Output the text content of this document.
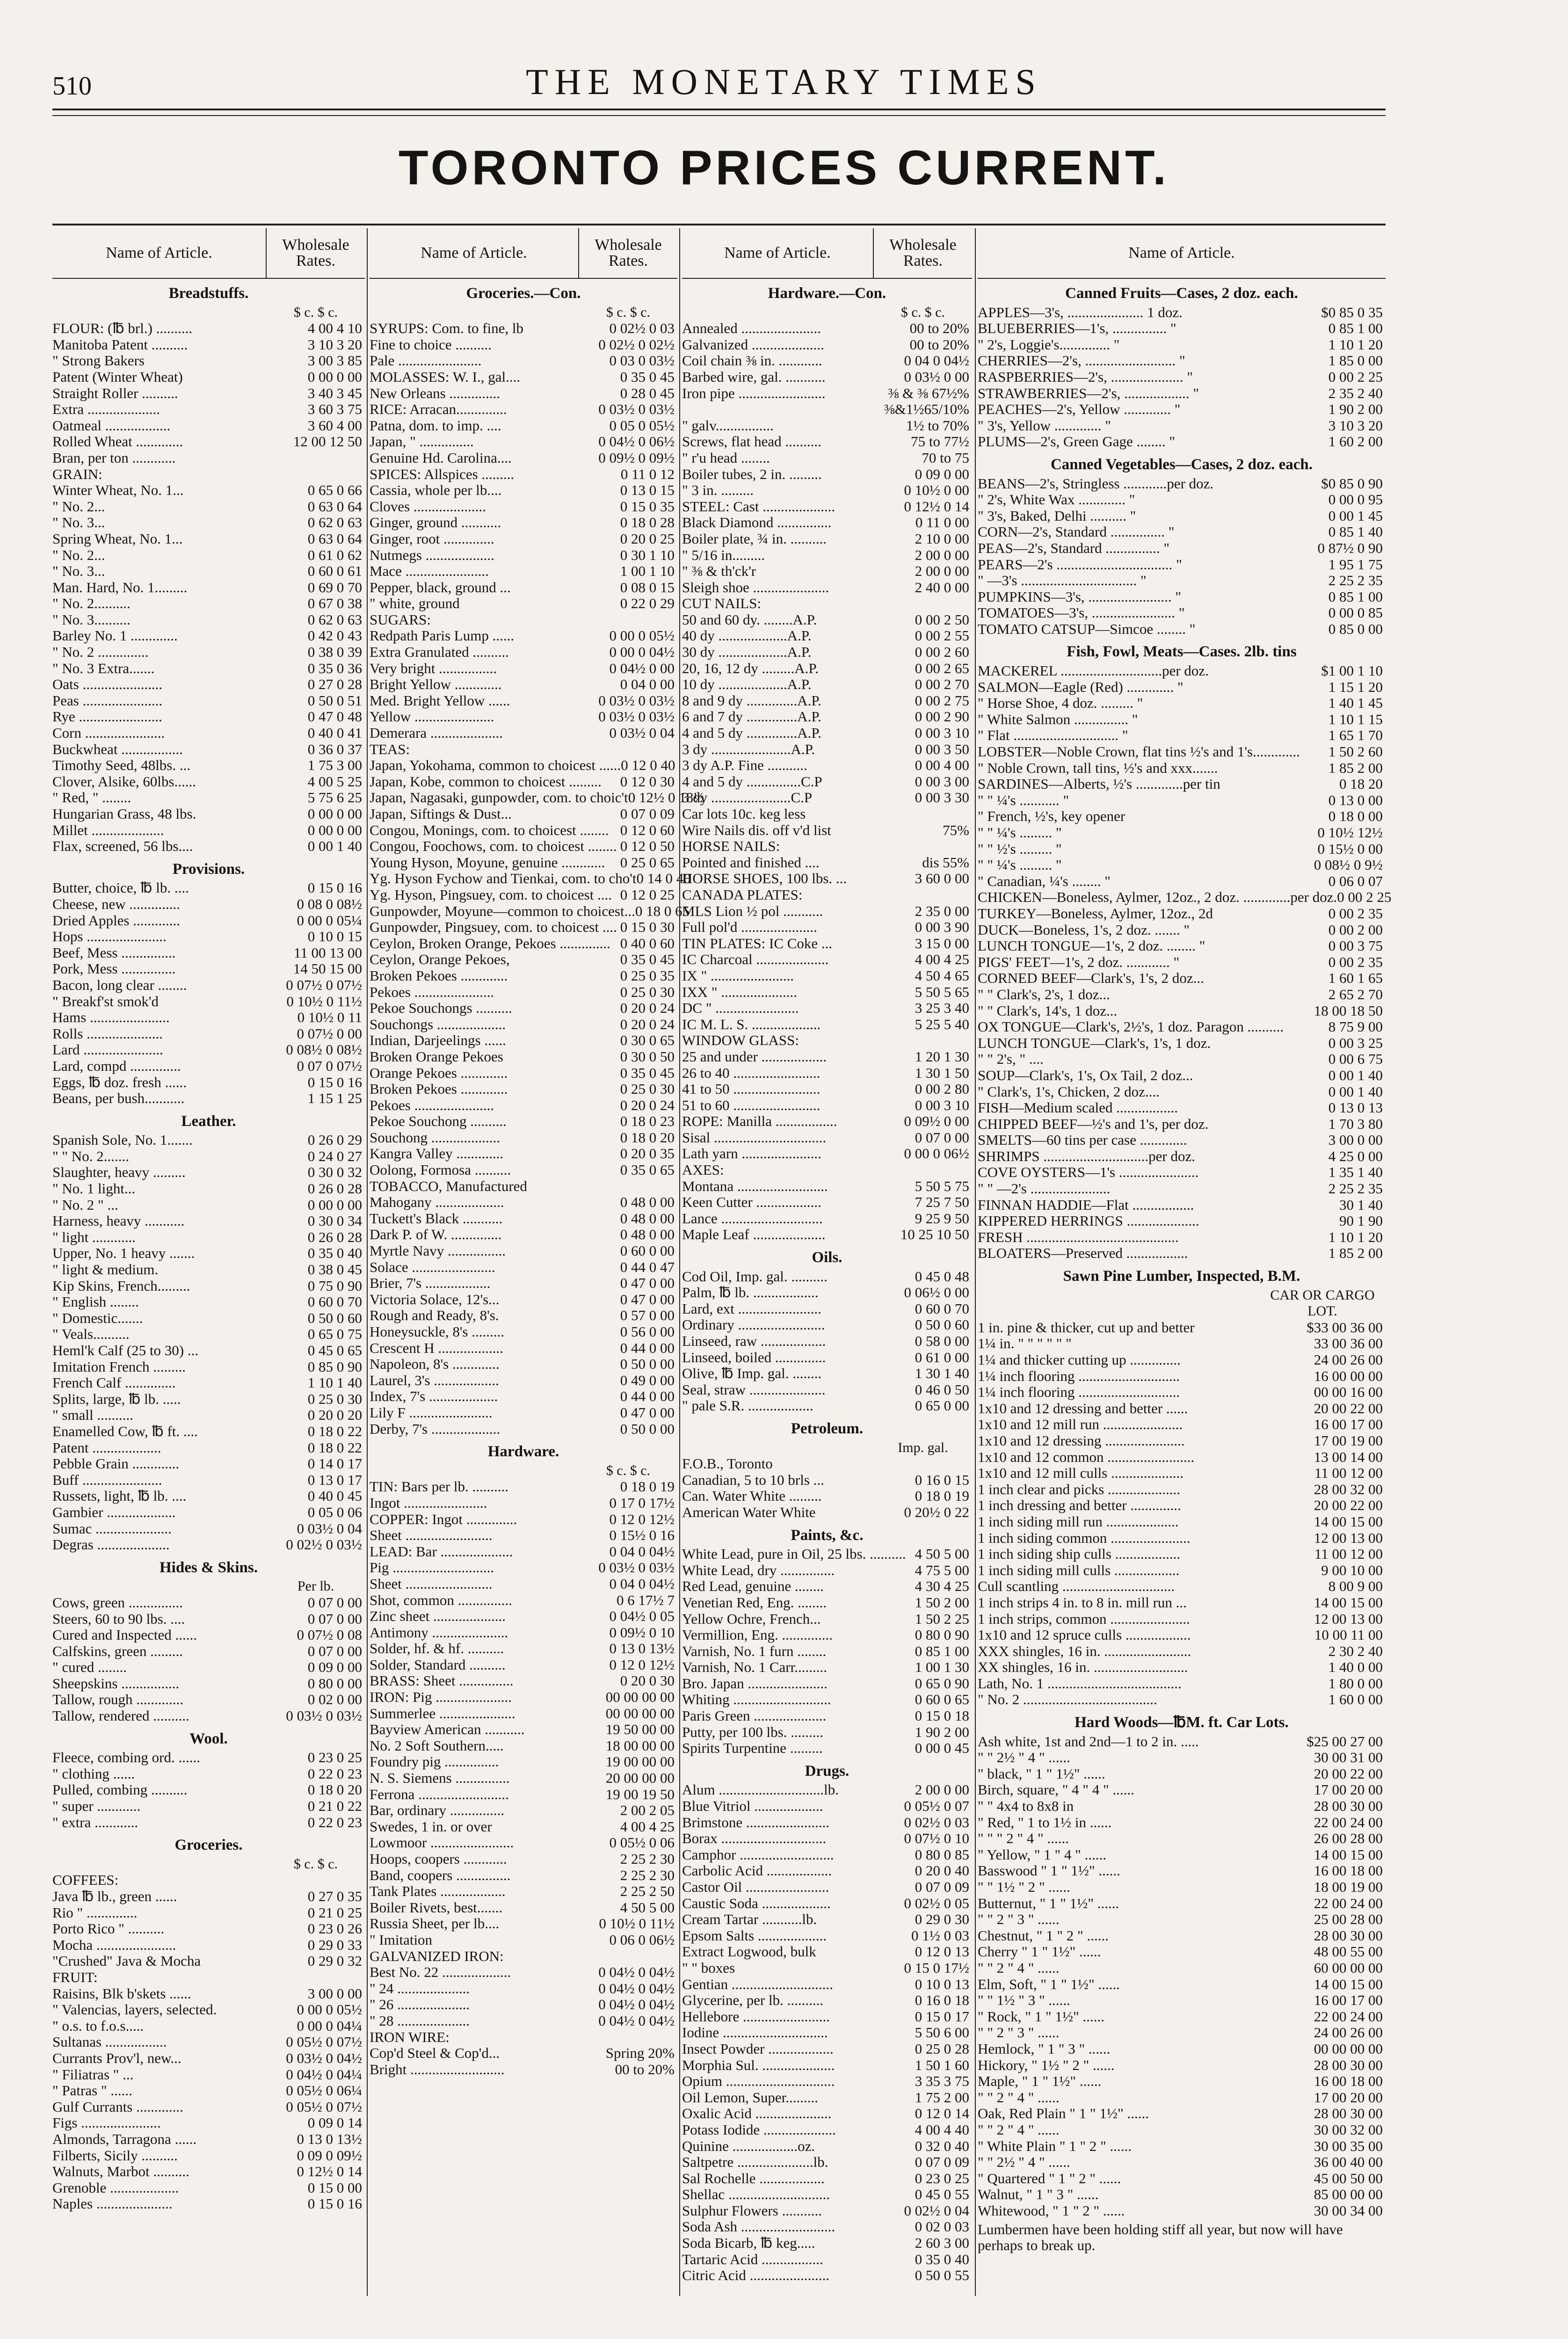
510	THE MONETARY TIMES
TORONTO PRICES CURRENT.
Name of Article.	Wholesale Rates.
Breadstuffs.
$ c. $ c.
FLOUR: (℔ brl.) ..........	4 00 4 10
Manitoba Patent ..........	3 10 3 20
" Strong Bakers	3 00 3 85
Patent (Winter Wheat)	0 00 0 00
Straight Roller ..........	3 40 3 45
Extra ....................	3 60 3 75
Oatmeal ..................	3 60 4 00
Rolled Wheat .............	12 00 12 50
Bran, per ton ............
GRAIN:
Winter Wheat, No. 1...	0 65 0 66
" No. 2...	0 63 0 64
" No. 3...	0 62 0 63
Spring Wheat, No. 1...	0 63 0 64
" No. 2...	0 61 0 62
" No. 3...	0 60 0 61
Man. Hard, No. 1.........	0 69 0 70
" No. 2..........	0 67 0 38
" No. 3..........	0 62 0 63
Barley No. 1 .............	0 42 0 43
" No. 2 ..............	0 38 0 39
" No. 3 Extra.......	0 35 0 36
Oats ......................	0 27 0 28
Peas ......................	0 50 0 51
Rye .......................	0 47 0 48
Corn ......................	0 40 0 41
Buckwheat .................	0 36 0 37
Timothy Seed, 48lbs. ...	1 75 3 00
Clover, Alsike, 60lbs......	4 00 5 25
" Red, " ........	5 75 6 25
Hungarian Grass, 48 lbs.	0 00 0 00
Millet ....................	0 00 0 00
Flax, screened, 56 lbs....	0 00 1 40
Provisions.
Butter, choice, ℔ lb. ....	0 15 0 16
Cheese, new ..............	0 08 0 08½
Dried Apples .............	0 00 0 05¼
Hops ......................	0 10 0 15
Beef, Mess ...............	11 00 13 00
Pork, Mess ...............	14 50 15 00
Bacon, long clear ........	0 07½ 0 07½
" Breakf'st smok'd	0 10½ 0 11½
Hams ......................	0 10½ 0 11
Rolls .....................	0 07½ 0 00
Lard ......................	0 08½ 0 08½
Lard, compd ..............	0 07 0 07½
Eggs, ℔ doz. fresh ......	0 15 0 16
Beans, per bush...........	1 15 1 25
Leather.
Spanish Sole, No. 1.......	0 26 0 29
" " No. 2.......	0 24 0 27
Slaughter, heavy .........	0 30 0 32
" No. 1 light...	0 26 0 28
" No. 2 " ...	0 00 0 00
Harness, heavy ...........	0 30 0 34
" light ............	0 26 0 28
Upper, No. 1 heavy .......	0 35 0 40
" light & medium.	0 38 0 45
Kip Skins, French.........	0 75 0 90
" English ........	0 60 0 70
" Domestic.......	0 50 0 60
" Veals..........	0 65 0 75
Heml'k Calf (25 to 30) ...	0 45 0 65
Imitation French .........	0 85 0 90
French Calf ..............	1 10 1 40
Splits, large, ℔ lb. .....	0 25 0 30
" small ..........	0 20 0 20
Enamelled Cow, ℔ ft. ....	0 18 0 22
Patent ...................	0 18 0 22
Pebble Grain .............	0 14 0 17
Buff ......................	0 13 0 17
Russets, light, ℔ lb. ....	0 40 0 45
Gambier ...................	0 05 0 06
Sumac .....................	0 03½ 0 04
Degras ....................	0 02½ 0 03½
Hides & Skins.
Per lb.
Cows, green ...............	0 07 0 00
Steers, 60 to 90 lbs. ....	0 07 0 00
Cured and Inspected ......	0 07½ 0 08
Calfskins, green .........	0 07 0 00
" cured ........	0 09 0 00
Sheepskins ................	0 80 0 00
Tallow, rough .............	0 02 0 00
Tallow, rendered ..........	0 03½ 0 03½
Wool.
Fleece, combing ord. ......	0 23 0 25
" clothing ......	0 22 0 23
Pulled, combing ..........	0 18 0 20
" super ............	0 21 0 22
" extra ............	0 22 0 23
Groceries.
$ c. $ c.
COFFEES:
Java ℔ lb., green ......	0 27 0 35
Rio " ..............	0 21 0 25
Porto Rico " ..........	0 23 0 26
Mocha ......................	0 29 0 33
"Crushed" Java & Mocha	0 29 0 32
FRUIT:
Raisins, Blk b'skets ......	3 00 0 00
" Valencias, layers, selected.	0 00 0 05½
" o.s. to f.o.s.....	0 00 0 04¼
Sultanas .................	0 05½ 0 07½
Currants Prov'l, new...	0 03½ 0 04½
" Filiatras " ...	0 04½ 0 04¼
" Patras " ......	0 05½ 0 06¼
Gulf Currants .............	0 05½ 0 07½
Figs ......................	0 09 0 14
Almonds, Tarragona ......	0 13 0 13½
Filberts, Sicily ..........	0 09 0 09½
Walnuts, Marbot ..........	0 12½ 0 14
Grenoble ...................	0 15 0 00
Naples .....................	0 15 0 16
Name of Article.	Wholesale Rates.
Groceries.—Con.
$ c. $ c.
SYRUPS: Com. to fine, lb	0 02½ 0 03
Fine to choice ..........	0 02½ 0 02½
Pale .......................	0 03 0 03½
MOLASSES: W. I., gal....	0 35 0 45
New Orleans ..............	0 28 0 45
RICE: Arracan..............	0 03½ 0 03½
Patna, dom. to imp. ....	0 05 0 05½
Japan, " ...............	0 04½ 0 06½
Genuine Hd. Carolina....	0 09½ 0 09½
SPICES: Allspices .........	0 11 0 12
Cassia, whole per lb....	0 13 0 15
Cloves ....................	0 15 0 35
Ginger, ground ...........	0 18 0 28
Ginger, root ..............	0 20 0 25
Nutmegs ...................	0 30 1 10
Mace .......................	1 00 1 10
Pepper, black, ground ...	0 08 0 15
" white, ground	0 22 0 29
SUGARS:
Redpath Paris Lump ......	0 00 0 05½
Extra Granulated ..........	0 00 0 04½
Very bright ................	0 04½ 0 00
Bright Yellow .............	0 04 0 00
Med. Bright Yellow ......	0 03½ 0 03½
Yellow ......................	0 03½ 0 03½
Demerara ....................	0 03½ 0 04
TEAS:
Japan, Yokohama, common to choicest ...... 0 12 0 40
Japan, Kobe, common to choicest .........	0 12 0 30
Japan, Nagasaki, gunpowder, com. to choic't 0 12½ 0 18½
Japan, Siftings & Dust...	0 07 0 09
Congou, Monings, com. to choicest ........ 0 12 0 60
Congou, Foochows, com. to choicest ........ 0 12 0 50
Young Hyson, Moyune, genuine ............	0 25 0 65
Yg. Hyson Fychow and Tienkai, com. to cho't 0 14 0 40
Yg. Hyson, Pingsuey, com. to choicest .... 0 12 0 25
Gunpowder, Moyune—common to choicest... 0 18 0 65
Gunpowder, Pingsuey, com. to choicest .... 0 15 0 30
Ceylon, Broken Orange, Pekoes .............. 0 40 0 60
Ceylon, Orange Pekoes,	0 35 0 45
Broken Pekoes .............	0 25 0 35
Pekoes ......................	0 25 0 30
Pekoe Souchongs ..........	0 20 0 24
Souchongs ...................	0 20 0 24
Indian, Darjeelings ......	0 30 0 65
Broken Orange Pekoes	0 30 0 50
Orange Pekoes .............	0 35 0 45
Broken Pekoes .............	0 25 0 30
Pekoes ......................	0 20 0 24
Pekoe Souchong ..........	0 18 0 23
Souchong ...................	0 18 0 20
Kangra Valley .............	0 20 0 35
Oolong, Formosa ..........	0 35 0 65
TOBACCO, Manufactured
Mahogany ...................	0 48 0 00
Tuckett's Black ...........	0 48 0 00
Dark P. of W. ..............	0 48 0 00
Myrtle Navy ................	0 60 0 00
Solace .......................	0 44 0 47
Brier, 7's ..................	0 47 0 00
Victoria Solace, 12's...	0 47 0 00
Rough and Ready, 8's.	0 57 0 00
Honeysuckle, 8's .........	0 56 0 00
Crescent H ..................	0 44 0 00
Napoleon, 8's .............	0 50 0 00
Laurel, 3's ..................	0 49 0 00
Index, 7's ...................	0 44 0 00
Lily F .......................	0 47 0 00
Derby, 7's ...................	0 50 0 00
Hardware.
$ c. $ c.
TIN: Bars per lb. ..........	0 18 0 19
Ingot .......................	0 17 0 17½
COPPER: Ingot ..............	0 12 0 12½
Sheet ........................	0 15½ 0 16
LEAD: Bar ....................	0 04 0 04½
Pig ............................	0 03½ 0 03½
Sheet ........................	0 04 0 04½
Shot, common ...............	0 6 17½ 7
Zinc sheet ....................	0 04½ 0 05
Antimony .....................	0 09½ 0 10
Solder, hf. & hf. ..........	0 13 0 13½
Solder, Standard ..........	0 12 0 12½
BRASS: Sheet ...............	0 20 0 30
IRON: Pig .....................	00 00 00 00
Summerlee .....................	00 00 00 00
Bayview American ...........	19 50 00 00
No. 2 Soft Southern.....	18 00 00 00
Foundry pig ...............	19 00 00 00
N. S. Siemens ...............	20 00 00 00
Ferrona .........................	19 00 19 50
Bar, ordinary ...............	2 00 2 05
Swedes, 1 in. or over	4 00 4 25
Lowmoor .......................	0 05½ 0 06
Hoops, coopers ............	2 25 2 30
Band, coopers ...............	2 25 2 30
Tank Plates ..................	2 25 2 50
Boiler Rivets, best.......	4 50 5 00
Russia Sheet, per lb....	0 10½ 0 11½
" Imitation	0 06 0 06½
GALVANIZED IRON:
Best No. 22 ...................	0 04½ 0 04½
" 24 ....................	0 04½ 0 04½
" 26 ....................	0 04½ 0 04½
" 28 ....................	0 04½ 0 04½
IRON WIRE:
Cop'd Steel & Cop'd...	Spring 20%
Bright ..........................	00 to 20%
Name of Article.	Wholesale Rates.
Hardware.—Con.
$ c. $ c.
Annealed ......................	00 to 20%
Galvanized ....................	00 to 20%
Coil chain ⅜ in. ............	0 04 0 04½
Barbed wire, gal. ...........	0 03½ 0 00
Iron pipe ........................	⅜ & ⅜ 67½%
⅜&1½65/10%
" galv................	1½ to 70%
Screws, flat head ..........	75 to 77½
" r'u head ........	70 to 75
Boiler tubes, 2 in. .........	0 09 0 00
" 3 in. .........	0 10½ 0 00
STEEL: Cast ....................	0 12½ 0 14
Black Diamond ...............	0 11 0 00
Boiler plate, ¾ in. ..........	2 10 0 00
" 5/16 in.........	2 00 0 00
" ⅜ & th'ck'r	2 00 0 00
Sleigh shoe .....................	2 40 0 00
CUT NAILS:
50 and 60 dy. ........A.P.	0 00 2 50
40 dy ...................A.P.	0 00 2 55
30 dy ...................A.P.	0 00 2 60
20, 16, 12 dy .........A.P.	0 00 2 65
10 dy ...................A.P.	0 00 2 70
8 and 9 dy ..............A.P.	0 00 2 75
6 and 7 dy ..............A.P.	0 00 2 90
4 and 5 dy ..............A.P.	0 00 3 10
3 dy ......................A.P.	0 00 3 50
3 dy A.P. Fine ...........	0 00 4 00
4 and 5 dy ...............C.P	0 00 3 00
3 dy ......................C.P	0 00 3 30
Car lots 10c. keg less
Wire Nails dis. off v'd list	75%
HORSE NAILS:
Pointed and finished ....	dis 55%
HORSE SHOES, 100 lbs. ...	3 60 0 00
CANADA PLATES:
MLS Lion ½ pol ...........	2 35 0 00
Full pol'd .....................	0 00 3 90
TIN PLATES: IC Coke ...	3 15 0 00
IC Charcoal ....................	4 00 4 25
IX " .......................	4 50 4 65
IXX " .....................	5 50 5 65
DC " .......................	3 25 3 40
IC M. L. S. ...................	5 25 5 40
WINDOW GLASS:
25 and under ..................	1 20 1 30
26 to 40 ........................	1 30 1 50
41 to 50 ........................	0 00 2 80
51 to 60 ........................	0 00 3 10
ROPE: Manilla .................	0 09½ 0 00
Sisal ...............................	0 07 0 00
Lath yarn ......................	0 00 0 06½
AXES:
Montana .........................	5 50 5 75
Keen Cutter ..................	7 25 7 50
Lance ............................	9 25 9 50
Maple Leaf ....................	10 25 10 50
Oils.
Cod Oil, Imp. gal. ..........	0 45 0 48
Palm, ℔ lb. ..................	0 06½ 0 00
Lard, ext .......................	0 60 0 70
Ordinary ........................	0 50 0 60
Linseed, raw ..................	0 58 0 00
Linseed, boiled ..............	0 61 0 00
Olive, ℔ Imp. gal. ........	1 30 1 40
Seal, straw .....................	0 46 0 50
" pale S.R. ..................	0 65 0 00
Petroleum.
Imp. gal.
F.O.B., Toronto
Canadian, 5 to 10 brls ...	0 16 0 15
Can. Water White .........	0 18 0 19
American Water White	0 20½ 0 22
Paints, &c.
White Lead, pure in Oil, 25 lbs. .......... 4 50 5 00
White Lead, dry ...............	4 75 5 00
Red Lead, genuine ........	4 30 4 25
Venetian Red, Eng. ........	1 50 2 00
Yellow Ochre, French...	1 50 2 25
Vermillion, Eng. ..............	0 80 0 90
Varnish, No. 1 furn ........	0 85 1 00
Varnish, No. 1 Carr.........	1 00 1 30
Bro. Japan ......................	0 65 0 90
Whiting ...........................	0 60 0 65
Paris Green ....................	0 15 0 18
Putty, per 100 lbs. .........	1 90 2 00
Spirits Turpentine .........	0 00 0 45
Drugs.
Alum .............................lb.	2 00 0 00
Blue Vitriol ...................	0 05½ 0 07
Brimstone .......................	0 02½ 0 03
Borax .............................	0 07½ 0 10
Camphor ..........................	0 80 0 85
Carbolic Acid ..................	0 20 0 40
Castor Oil .......................	0 07 0 09
Caustic Soda ...................	0 02½ 0 05
Cream Tartar ...........lb.	0 29 0 30
Epsom Salts ...................	0 1½ 0 03
Extract Logwood, bulk	0 12 0 13
" " boxes	0 15 0 17½
Gentian ............................	0 10 0 13
Glycerine, per lb. ..........	0 16 0 18
Hellebore ........................	0 15 0 17
Iodine .............................	5 50 6 00
Insect Powder ..................	0 25 0 28
Morphia Sul. ....................	1 50 1 60
Opium ..............................	3 35 3 75
Oil Lemon, Super.........	1 75 2 00
Oxalic Acid .....................	0 12 0 14
Potass Iodide ....................	4 00 4 40
Quinine ..................oz.	0 32 0 40
Saltpetre .....................lb.	0 07 0 09
Sal Rochelle ..................	0 23 0 25
Shellac ............................	0 45 0 55
Sulphur Flowers ...........	0 02½ 0 04
Soda Ash ..........................	0 02 0 03
Soda Bicarb, ℔ keg.....	2 60 3 00
Tartaric Acid .................	0 35 0 40
Citric Acid ......................	0 50 0 55
Name of Article.
Canned Fruits—Cases, 2 doz. each.
APPLES—3's, ..................... 1 doz.	$0 85 0 35
BLUEBERRIES—1's, ............... "	0 85 1 00
" 2's, Loggie's.............. "	1 10 1 20
CHERRIES—2's, ......................... "	1 85 0 00
RASPBERRIES—2's, .................... "	0 00 2 25
STRAWBERRIES—2's, .................. "	2 35 2 40
PEACHES—2's, Yellow ............. "	1 90 2 00
" 3's, Yellow ............. "	3 10 3 20
PLUMS—2's, Green Gage ........ "	1 60 2 00
Canned Vegetables—Cases, 2 doz. each.
BEANS—2's, Stringless ............per doz.	$0 85 0 90
" 2's, White Wax ............. "	0 00 0 95
" 3's, Baked, Delhi .......... "	0 00 1 45
CORN—2's, Standard ............... "	0 85 1 40
PEAS—2's, Standard ............... "	0 87½ 0 90
PEARS—2's ................................ "	1 95 1 75
" —3's ................................ "	2 25 2 35
PUMPKINS—3's, ....................... "	0 85 1 00
TOMATOES—3's, ....................... "	0 00 0 85
TOMATO CATSUP—Simcoe ........ "	0 85 0 00
Fish, Fowl, Meats—Cases. 2lb. tins
MACKEREL ............................per doz.	$1 00 1 10
SALMON—Eagle (Red) ............. "	1 15 1 20
" Horse Shoe, 4 doz. ......... "	1 40 1 45
" White Salmon ............... "	1 10 1 15
" Flat ............................. "	1 65 1 70
LOBSTER—Noble Crown, flat tins ½'s and 1's.............	1 50 2 60
" Noble Crown, tall tins, ½'s and xxx.......	1 85 2 00
SARDINES—Alberts, ½'s .............per tin	0 18 20
" " ¼'s ........... "	0 13 0 00
" French, ½'s, key opener	0 18 0 00
" " ¼'s ......... "	0 10½ 12½
" " ½'s ......... "	0 15½ 0 00
" " ¼'s ......... "	0 08½ 0 9½
" Canadian, ¼'s ........ "	0 06 0 07
CHICKEN—Boneless, Aylmer, 12oz., 2 doz. .............per doz. 0 00 2 25
TURKEY—Boneless, Aylmer, 12oz., 2d	0 00 2 35
DUCK—Boneless, 1's, 2 doz. ....... "	0 00 2 00
LUNCH TONGUE—1's, 2 doz. ........ "	0 00 3 75
PIGS' FEET—1's, 2 doz. ............ "	0 00 2 35
CORNED BEEF—Clark's, 1's, 2 doz...	1 60 1 65
" " Clark's, 2's, 1 doz...	2 65 2 70
" " Clark's, 14's, 1 doz...	18 00 18 50
OX TONGUE—Clark's, 2½'s, 1 doz. Paragon ..........	8 75 9 00
LUNCH TONGUE—Clark's, 1's, 1 doz.	0 00 3 25
" " 2's, " ....	0 00 6 75
SOUP—Clark's, 1's, Ox Tail, 2 doz...	0 00 1 40
" Clark's, 1's, Chicken, 2 doz....	0 00 1 40
FISH—Medium scaled .................	0 13 0 13
CHIPPED BEEF—½'s and 1's, per doz.	1 70 3 80
SMELTS—60 tins per case .............	3 00 0 00
SHRIMPS .............................per doz.	4 25 0 00
COVE OYSTERS—1's ......................	1 35 1 40
" " —2's ......................	2 25 2 35
FINNAN HADDIE—Flat .................	30 1 40
KIPPERED HERRINGS ....................	90 1 90
FRESH ..........................................	1 10 1 20
BLOATERS—Preserved .................	1 85 2 00
Sawn Pine Lumber, Inspected, B.M.
CAR OR CARGO LOT.
1 in. pine & thicker, cut up and better	$33 00 36 00
1¼ in. " " " " " "	33 00 36 00
1¼ and thicker cutting up ..............	24 00 26 00
1¼ inch flooring ............................	16 00 00 00
1¼ inch flooring ............................	00 00 16 00
1x10 and 12 dressing and better ......	20 00 22 00
1x10 and 12 mill run ......................	16 00 17 00
1x10 and 12 dressing ......................	17 00 19 00
1x10 and 12 common ........................	13 00 14 00
1x10 and 12 mill culls ....................	11 00 12 00
1 inch clear and picks ....................	28 00 32 00
1 inch dressing and better ..............	20 00 22 00
1 inch siding mill run ....................	14 00 15 00
1 inch siding common ......................	12 00 13 00
1 inch siding ship culls ..................	11 00 12 00
1 inch siding mill culls ..................	9 00 10 00
Cull scantling ...............................	8 00 9 00
1 inch strips 4 in. to 8 in. mill run ...	14 00 15 00
1 inch strips, common ......................	12 00 13 00
1x10 and 12 spruce culls ..................	10 00 11 00
XXX shingles, 16 in. ........................	2 30 2 40
XX shingles, 16 in. ..........................	1 40 0 00
Lath, No. 1 .....................................	1 80 0 00
" No. 2 .....................................	1 60 0 00
Hard Woods—℔M. ft. Car Lots.
Ash white, 1st and 2nd—1 to 2 in. .....	$25 00 27 00
" " 2½ " 4 " ......	30 00 31 00
" black, " 1 " 1½" ......	20 00 22 00
Birch, square, " 4 " 4 " ......	17 00 20 00
" " 4x4 to 8x8 in	28 00 30 00
" Red, " 1 to 1½ in ......	22 00 24 00
" " " 2 " 4 " ......	26 00 28 00
" Yellow, " 1 " 4 " ......	14 00 15 00
Basswood " 1 " 1½" ......	16 00 18 00
" " 1½ " 2 " ......	18 00 19 00
Butternut, " 1 " 1½" ......	22 00 24 00
" " 2 " 3 " ......	25 00 28 00
Chestnut, " 1 " 2 " ......	28 00 30 00
Cherry " 1 " 1½" ......	48 00 55 00
" " 2 " 4 " ......	60 00 00 00
Elm, Soft, " 1 " 1½" ......	14 00 15 00
" " 1½ " 3 " ......	16 00 17 00
" Rock, " 1 " 1½" ......	22 00 24 00
" " 2 " 3 " ......	24 00 26 00
Hemlock, " 1 " 3 " ......	00 00 00 00
Hickory, " 1½ " 2 " ......	28 00 30 00
Maple, " 1 " 1½" ......	16 00 18 00
" " 2 " 4 " ......	17 00 20 00
Oak, Red Plain " 1 " 1½" ......	28 00 30 00
" " 2 " 4 " ......	30 00 32 00
" White Plain " 1 " 2 " ......	30 00 35 00
" " 2½ " 4 " ......	36 00 40 00
" Quartered " 1 " 2 " ......	45 00 50 00
Walnut, " 1 " 3 " ......	85 00 00 00
Whitewood, " 1 " 2 " ......	30 00 34 00
Lumbermen have been holding stiff all year, but now will have perhaps to break up.
